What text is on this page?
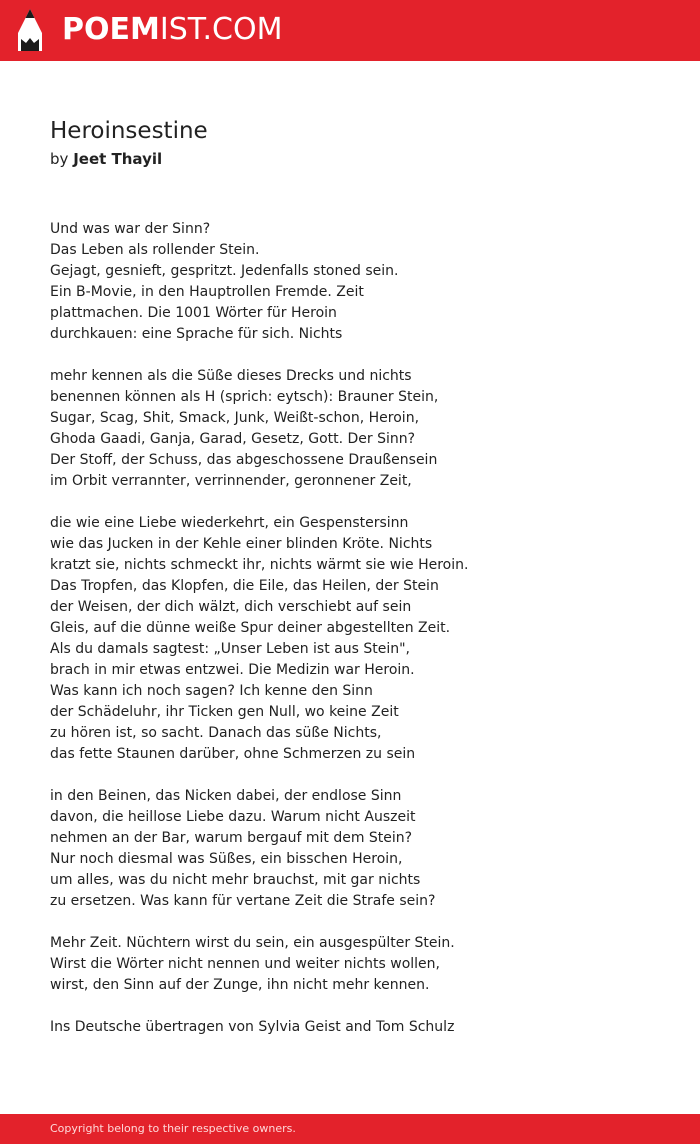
POEMIST.COM
Heroinsestine
by Jeet Thayil
Und was war der Sinn?
Das Leben als rollender Stein.
Gejagt, gesnieft, gespritzt. Jedenfalls stoned sein.
Ein B-Movie, in den Hauptrollen Fremde. Zeit
plattmachen. Die 1001 Wörter für Heroin
durchkauen: eine Sprache für sich. Nichts
mehr kennen als die Süße dieses Drecks und nichts
benennen können als H (sprich: eytsch): Brauner Stein,
Sugar, Scag, Shit, Smack, Junk, Weißt-schon, Heroin,
Ghoda Gaadi, Ganja, Garad, Gesetz, Gott. Der Sinn?
Der Stoff, der Schuss, das abgeschossene Draußensein
im Orbit verrannter, verrinnender, geronnener Zeit,
die wie eine Liebe wiederkehrt, ein Gespenstersinn
wie das Jucken in der Kehle einer blinden Kröte. Nichts
kratzt sie, nichts schmeckt ihr, nichts wärmt sie wie Heroin.
Das Tropfen, das Klopfen, die Eile, das Heilen, der Stein
der Weisen, der dich wälzt, dich verschiebt auf sein
Gleis, auf die dünne weiße Spur deiner abgestellten Zeit.
Als du damals sagtest: „Unser Leben ist aus Stein",
brach in mir etwas entzwei. Die Medizin war Heroin.
Was kann ich noch sagen? Ich kenne den Sinn
der Schädeluhr, ihr Ticken gen Null, wo keine Zeit
zu hören ist, so sacht. Danach das süße Nichts,
das fette Staunen darüber, ohne Schmerzen zu sein
in den Beinen, das Nicken dabei, der endlose Sinn
davon, die heillose Liebe dazu. Warum nicht Auszeit
nehmen an der Bar, warum bergauf mit dem Stein?
Nur noch diesmal was Süßes, ein bisschen Heroin,
um alles, was du nicht mehr brauchst, mit gar nichts
zu ersetzen. Was kann für vertane Zeit die Strafe sein?
Mehr Zeit. Nüchtern wirst du sein, ein ausgespülter Stein.
Wirst die Wörter nicht nennen und weiter nichts wollen,
wirst, den Sinn auf der Zunge, ihn nicht mehr kennen.
Ins Deutsche übertragen von Sylvia Geist and Tom Schulz
Copyright belong to their respective owners.
